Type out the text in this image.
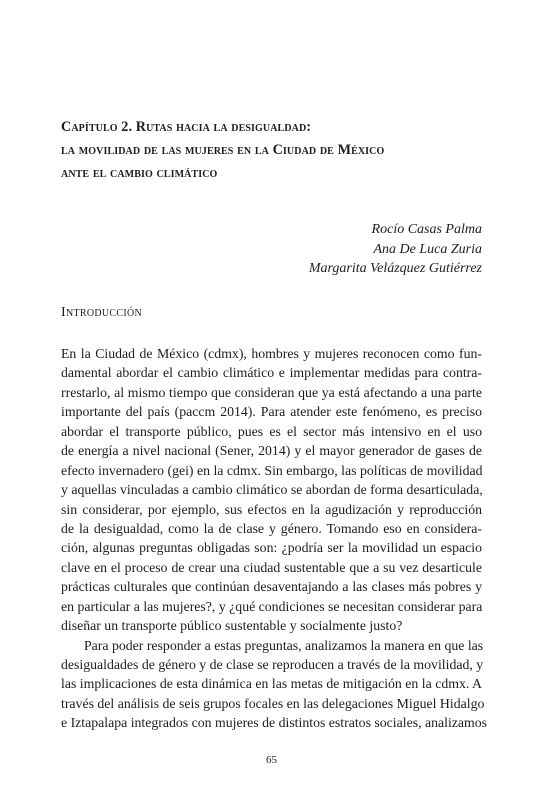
Capítulo 2. Rutas hacia la desigualdad:
la movilidad de las mujeres en la Ciudad de México
ante el cambio climático
Rocío Casas Palma
Ana De Luca Zuria
Margarita Velázquez Gutiérrez
Introducción
En la Ciudad de México (cdmx), hombres y mujeres reconocen como fun-
damental abordar el cambio climático e implementar medidas para contra-
rrestarlo, al mismo tiempo que consideran que ya está afectando a una parte
importante del país (paccm 2014). Para atender este fenómeno, es preciso
abordar el transporte público, pues es el sector más intensivo en el uso
de energía a nivel nacional (Sener, 2014) y el mayor generador de gases de
efecto invernadero (gei) en la cdmx. Sin embargo, las políticas de movilidad
y aquellas vinculadas a cambio climático se abordan de forma desarticulada,
sin considerar, por ejemplo, sus efectos en la agudización y reproducción
de la desigualdad, como la de clase y género. Tomando eso en considera-
ción, algunas preguntas obligadas son: ¿podría ser la movilidad un espacio
clave en el proceso de crear una ciudad sustentable que a su vez desarticule
prácticas culturales que continúan desaventajando a las clases más pobres y
en particular a las mujeres?, y ¿qué condiciones se necesitan considerar para
diseñar un transporte público sustentable y socialmente justo?
Para poder responder a estas preguntas, analizamos la manera en que las
desigualdades de género y de clase se reproducen a través de la movilidad, y
las implicaciones de esta dinámica en las metas de mitigación en la cdmx. A
través del análisis de seis grupos focales en las delegaciones Miguel Hidalgo
e Iztapalapa integrados con mujeres de distintos estratos sociales, analizamos
65
